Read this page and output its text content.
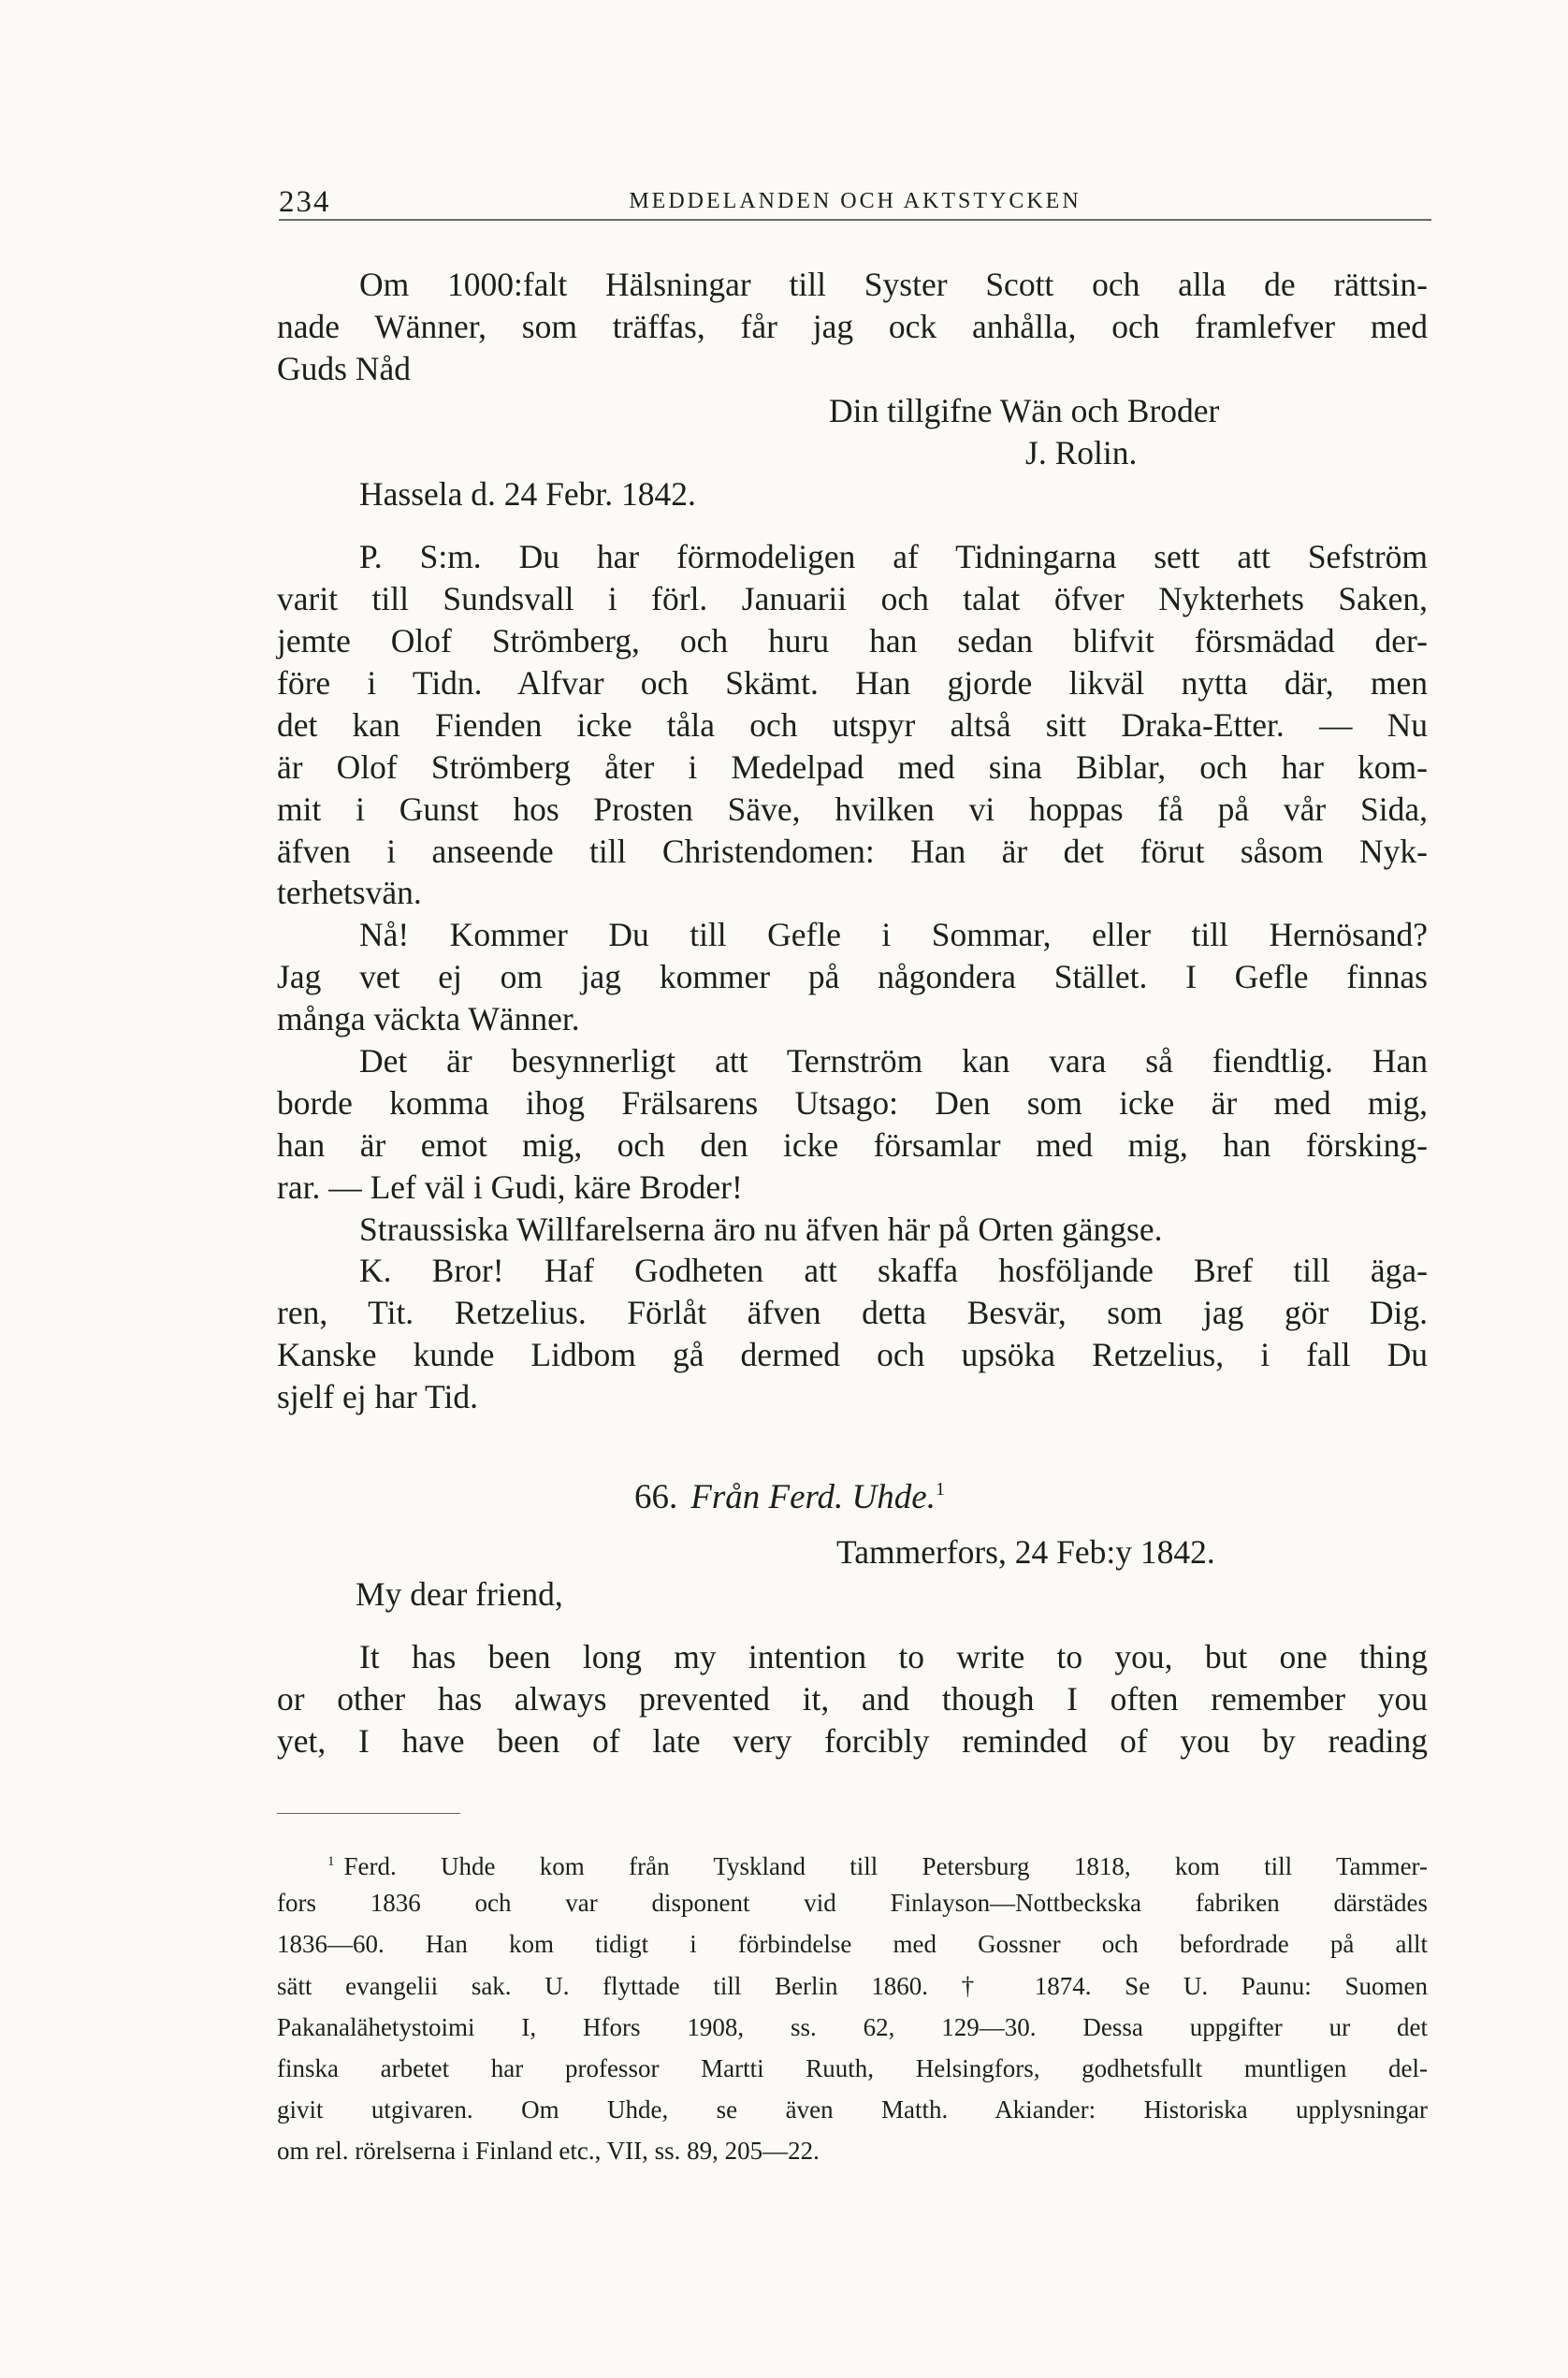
234	MEDDELANDEN OCH AKTSTYCKEN
Om 1000:falt Hälsningar till Syster Scott och alla de rättsin-
nade Wänner, som träffas, får jag ock anhålla, och framlefver med
Guds Nåd
Din tillgifne Wän och Broder
J. Rolin.
Hassela d. 24 Febr. 1842.
P. S:m. Du har förmodeligen af Tidningarna sett att Sefström
varit till Sundsvall i förl. Januarii och talat öfver Nykterhets Saken,
jemte Olof Strömberg, och huru han sedan blifvit försmädad der-
före i Tidn. Alfvar och Skämt. Han gjorde likväl nytta där, men
det kan Fienden icke tåla och utspyr altså sitt Draka-Etter. — Nu
är Olof Strömberg åter i Medelpad med sina Biblar, och har kom-
mit i Gunst hos Prosten Säve, hvilken vi hoppas få på vår Sida,
äfven i anseende till Christendomen: Han är det förut såsom Nyk-
terhetsvän.
Nå! Kommer Du till Gefle i Sommar, eller till Hernösand?
Jag vet ej om jag kommer på någondera Stället. I Gefle finnas
många väckta Wänner.
Det är besynnerligt att Ternström kan vara så fiendtlig. Han
borde komma ihog Frälsarens Utsago: Den som icke är med mig,
han är emot mig, och den icke församlar med mig, han försking-
rar. — Lef väl i Gudi, käre Broder!
Straussiska Willfarelserna äro nu äfven här på Orten gängse.
K. Bror! Haf Godheten att skaffa hosföljande Bref till äga-
ren, Tit. Retzelius. Förlåt äfven detta Besvär, som jag gör Dig.
Kanske kunde Lidbom gå dermed och upsöka Retzelius, i fall Du
sjelf ej har Tid.
66. Från Ferd. Uhde.$^1$
Tammerfors, 24 Feb:y 1842.
My dear friend,
It has been long my intention to write to you, but one thing
or other has always prevented it, and though I often remember you
yet, I have been of late very forcibly reminded of you by reading
$^1$ Ferd. Uhde kom från Tyskland till Petersburg 1818, kom till Tammer-
fors 1836 och var disponent vid Finlayson—Nottbeckska fabriken därstädes
1836—60. Han kom tidigt i förbindelse med Gossner och befordrade på allt
sätt evangelii sak. U. flyttade till Berlin 1860. † 1874. Se U. Paunu: Suomen
Pakanalähetystoimi I, Hfors 1908, ss. 62, 129—30. Dessa uppgifter ur det
finska arbetet har professor Martti Ruuth, Helsingfors, godhetsfullt muntligen del-
givit utgivaren. Om Uhde, se även Matth. Akiander: Historiska upplysningar
om rel. rörelserna i Finland etc., VII, ss. 89, 205—22.
